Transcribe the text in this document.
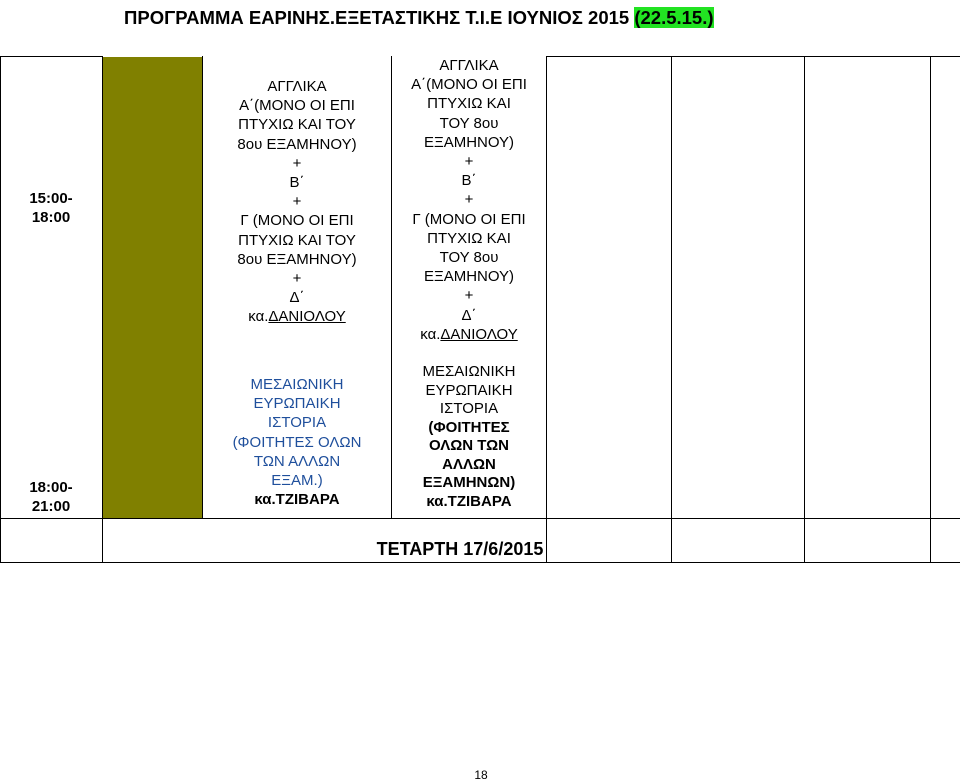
ΠΡΟΓΡΑΜΜΑ ΕΑΡΙΝΗΣ.ΕΞΕΤΑΣΤΙΚΗΣ Τ.Ι.Ε ΙΟΥΝΙΟΣ 2015 (22.5.15.)
15:00-
18:00
18:00-
21:00
ΑΓΓΛΙΚΑ
Α΄(ΜΟΝΟ ΟΙ ΕΠΙ
ΠΤΥΧΙΩ ΚΑΙ ΤΟΥ
8ου ΕΞΑΜΗΝΟΥ)
+
Β΄
+
Γ (ΜΟΝΟ ΟΙ ΕΠΙ
ΠΤΥΧΙΩ ΚΑΙ ΤΟΥ
8ου ΕΞΑΜΗΝΟΥ)
+
Δ΄
κα.ΔΑΝΙΟΛΟΥ
ΜΕΣΑΙΩΝΙΚΗ
ΕΥΡΩΠΑΙΚΗ
ΙΣΤΟΡΙΑ
(ΦΟΙΤΗΤΕΣ ΟΛΩΝ
ΤΩΝ ΑΛΛΩΝ
ΕΞΑΜ.)
κα.ΤΖΙΒΑΡΑ
ΑΓΓΛΙΚΑ
Α΄(ΜΟΝΟ ΟΙ ΕΠΙ
ΠΤΥΧΙΩ ΚΑΙ
ΤΟΥ 8ου
ΕΞΑΜΗΝΟΥ)
+
Β΄
+
Γ (ΜΟΝΟ ΟΙ ΕΠΙ
ΠΤΥΧΙΩ ΚΑΙ
ΤΟΥ 8ου
ΕΞΑΜΗΝΟΥ)
+
Δ΄
κα.ΔΑΝΙΟΛΟΥ
ΜΕΣΑΙΩΝΙΚΗ
ΕΥΡΩΠΑΙΚΗ
ΙΣΤΟΡΙΑ
(ΦΟΙΤΗΤΕΣ
ΟΛΩΝ ΤΩΝ
ΑΛΛΩΝ
ΕΞΑΜΗΝΩΝ)
κα.ΤΖΙΒΑΡΑ
ΤΕΤΑΡΤΗ 17/6/2015
18
